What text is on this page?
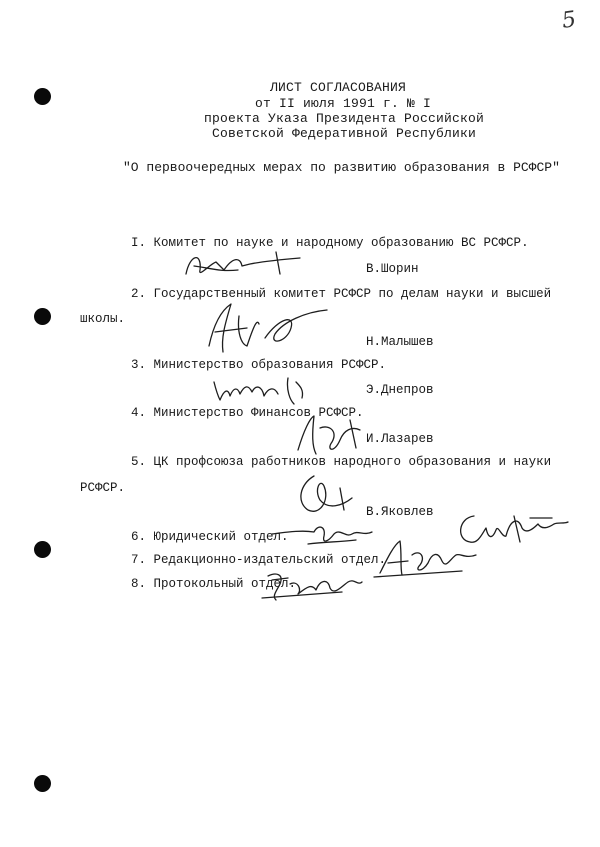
5
ЛИСТ СОГЛАСОВАНИЯ
от II июля 1991 г. № I
проекта Указа Президента Российской
Советской Федеративной Республики
"О первоочередных мерах по развитию образования в РСФСР"
I. Комитет по науке и народному образованию ВС РСФСР.
В.Шорин
2. Государственный комитет РСФСР по делам науки и высшей
школы.
Н.Малышев
3. Министерство образования РСФСР.
Э.Днепров
4. Министерство Финансов РСФСР.
И.Лазарев
5. ЦК профсоюза работников народного образования и науки
РСФСР.
В.Яковлев
6. Юридический отдел.
7. Редакционно-издательский отдел.
8. Протокольный отдел.
